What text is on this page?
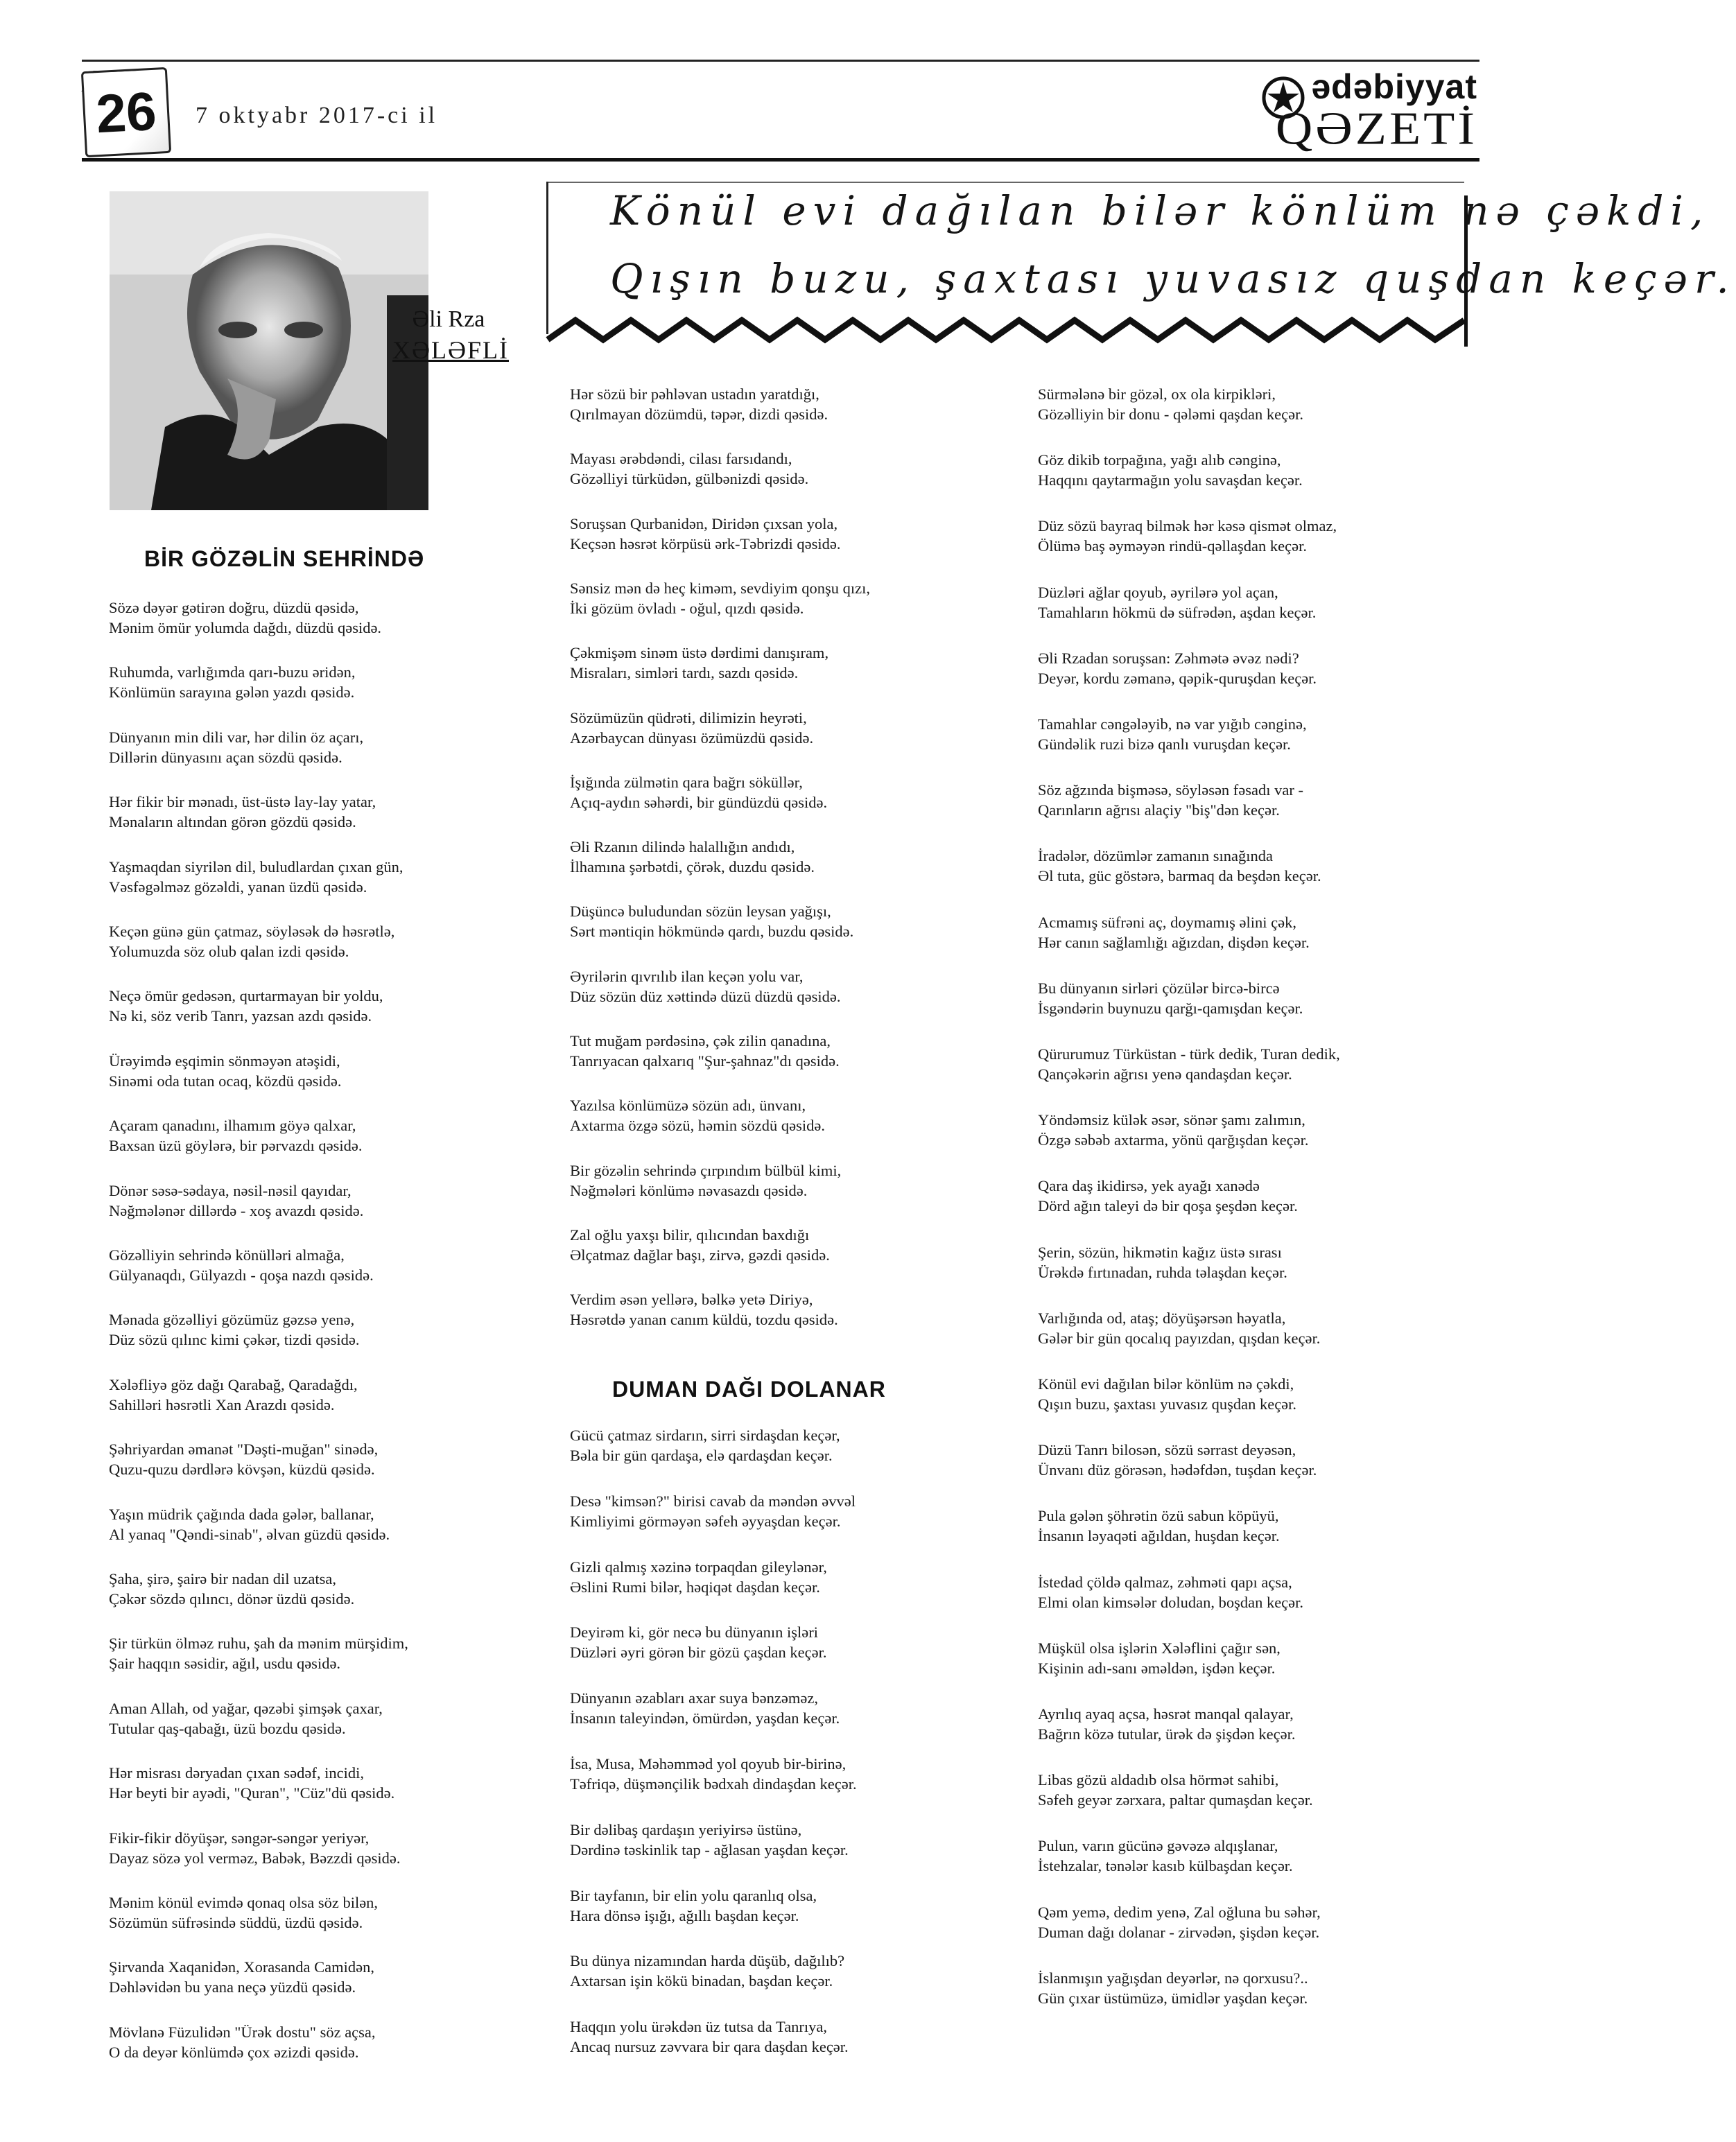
26	7 oktyabr 2017-ci il
ədəbiyyat
QƏZETİ
Əli Rza
XƏLƏFLİ
Könül evi dağılan bilər könlüm nə çəkdi,
Qışın buzu, şaxtası yuvasız quşdan keçər.
BİR GÖZƏLİN SEHRİNDƏ
Sözə dəyər gətirən doğru, düzdü qəsidə,
Mənim ömür yolumda dağdı, düzdü qəsidə.
Ruhumda, varlığımda qarı-buzu əridən,
Könlümün sarayına gələn yazdı qəsidə.
Dünyanın min dili var, hər dilin öz açarı,
Dillərin dünyasını açan sözdü qəsidə.
Hər fikir bir mənadı, üst-üstə lay-lay yatar,
Mənaların altından görən gözdü qəsidə.
Yaşmaqdan siyrilən dil, buludlardan çıxan gün,
Vəsfəgəlməz gözəldi, yanan üzdü qəsidə.
Keçən günə gün çatmaz, söyləsək də həsrətlə,
Yolumuzda söz olub qalan izdi qəsidə.
Neçə ömür gedəsən, qurtarmayan bir yoldu,
Nə ki, söz verib Tanrı, yazsan azdı qəsidə.
Ürəyimdə eşqimin sönməyən atəşidi,
Sinəmi oda tutan ocaq, közdü qəsidə.
Açaram qanadını, ilhamım göyə qalxar,
Baxsan üzü göylərə, bir pərvazdı qəsidə.
Dönər səsə-sədaya, nəsil-nəsil qayıdar,
Nəğmələnər dillərdə - xoş avazdı qəsidə.
Gözəlliyin sehrində könülləri almağa,
Gülyanaqdı, Gülyazdı - qoşa nazdı qəsidə.
Mənada gözəlliyi gözümüz gəzsə yenə,
Düz sözü qılınc kimi çəkər, tizdi qəsidə.
Xələfliyə göz dağı Qarabağ, Qaradağdı,
Sahilləri həsrətli Xan Arazdı qəsidə.
Şəhriyardan əmanət "Dəşti-muğan" sinədə,
Quzu-quzu dərdlərə kövşən, küzdü qəsidə.
Yaşın müdrik çağında dada gələr, ballanar,
Al yanaq "Qəndi-sinab", əlvan güzdü qəsidə.
Şaha, şirə, şairə bir nadan dil uzatsa,
Çəkər sözdə qılıncı, dönər üzdü qəsidə.
Şir türkün ölməz ruhu, şah da mənim mürşidim,
Şair haqqın səsidir, ağıl, usdu qəsidə.
Aman Allah, od yağar, qəzəbi şimşək çaxar,
Tutular qaş-qabağı, üzü bozdu qəsidə.
Hər misrası dəryadan çıxan sədəf, incidi,
Hər beyti bir ayədi, "Quran", "Cüz"dü qəsidə.
Fikir-fikir döyüşər, səngər-səngər yeriyər,
Dayaz sözə yol verməz, Babək, Bəzzdi qəsidə.
Mənim könül evimdə qonaq olsa söz bilən,
Sözümün süfrəsində süddü, üzdü qəsidə.
Şirvanda Xaqanidən, Xorasanda Camidən,
Dəhləvidən bu yana neçə yüzdü qəsidə.
Mövlanə Füzulidən "Ürək dostu" söz açsa,
O da deyər könlümdə çox əzizdi qəsidə.
Hər sözü bir pəhləvan ustadın yaratdığı,
Qırılmayan dözümdü, təpər, dizdi qəsidə.
Mayası ərəbdəndi, cilası farsıdandı,
Gözəlliyi türküdən, gülbənizdi qəsidə.
Soruşsan Qurbanidən, Diridən çıxsan yola,
Keçsən həsrət körpüsü ərk-Təbrizdi qəsidə.
Sənsiz mən də heç kiməm, sevdiyim qonşu qızı,
İki gözüm övladı - oğul, qızdı qəsidə.
Çəkmişəm sinəm üstə dərdimi danışıram,
Misraları, simləri tardı, sazdı qəsidə.
Sözümüzün qüdrəti, dilimizin heyrəti,
Azərbaycan dünyası özümüzdü qəsidə.
İşığında zülmətin qara bağrı söküllər,
Açıq-aydın səhərdi, bir gündüzdü qəsidə.
Əli Rzanın dilində halallığın andıdı,
İlhamına şərbətdi, çörək, duzdu qəsidə.
Düşüncə buludundan sözün leysan yağışı,
Sərt məntiqin hökmündə qardı, buzdu qəsidə.
Əyrilərin qıvrılıb ilan keçən yolu var,
Düz sözün düz xəttində düzü düzdü qəsidə.
Tut muğam pərdəsinə, çək zilin qanadına,
Tanrıyacan qalxarıq "Şur-şahnaz"dı qəsidə.
Yazılsa könlümüzə sözün adı, ünvanı,
Axtarma özgə sözü, həmin sözdü qəsidə.
Bir gözəlin sehrində çırpındım bülbül kimi,
Nəğmələri könlümə nəvasazdı qəsidə.
Zal oğlu yaxşı bilir, qılıcından baxdığı
Əlçatmaz dağlar başı, zirvə, gəzdi qəsidə.
Verdim əsən yellərə, bəlkə yetə Diriyə,
Həsrətdə yanan canım küldü, tozdu qəsidə.
DUMAN DAĞI DOLANAR
Gücü çatmaz sirdarın, sirri sirdaşdan keçər,
Bəla bir gün qardaşa, elə qardaşdan keçər.
Desə "kimsən?" birisi cavab da məndən əvvəl
Kimliyimi görməyən səfeh əyyaşdan keçər.
Gizli qalmış xəzinə torpaqdan gileylənər,
Əslini Rumi bilər, həqiqət daşdan keçər.
Deyirəm ki, gör necə bu dünyanın işləri
Düzləri əyri görən bir gözü çaşdan keçər.
Dünyanın əzabları axar suya bənzəməz,
İnsanın taleyindən, ömürdən, yaşdan keçər.
İsa, Musa, Məhəmməd yol qoyub bir-birinə,
Təfriqə, düşmənçilik bədxah dindaşdan keçər.
Bir dəlibaş qardaşın yeriyirsə üstünə,
Dərdinə təskinlik tap - ağlasan yaşdan keçər.
Bir tayfanın, bir elin yolu qaranlıq olsa,
Hara dönsə işığı, ağıllı başdan keçər.
Bu dünya nizamından harda düşüb, dağılıb?
Axtarsan işin kökü binadan, başdan keçər.
Haqqın yolu ürəkdən üz tutsa da Tanrıya,
Ancaq nursuz zəvvara bir qara daşdan keçər.
Sürmələnə bir gözəl, ox ola kirpikləri,
Gözəlliyin bir donu - qələmi qaşdan keçər.
Göz dikib torpağına, yağı alıb cənginə,
Haqqını qaytarmağın yolu savaşdan keçər.
Düz sözü bayraq bilmək hər kəsə qismət olmaz,
Ölümə baş əyməyən rindü-qəllaşdan keçər.
Düzləri ağlar qoyub, əyrilərə yol açan,
Tamahların hökmü də süfrədən, aşdan keçər.
Əli Rzadan soruşsan: Zəhmətə əvəz nədi?
Deyər, kordu zəmanə, qəpik-quruşdan keçər.
Tamahlar cəngələyib, nə var yığıb cənginə,
Gündəlik ruzi bizə qanlı vuruşdan keçər.
Söz ağzında bişməsə, söyləsən fəsadı var -
Qarınların ağrısı alaçiy "biş"dən keçər.
İradələr, dözümlər zamanın sınağında
Əl tuta, güc göstərə, barmaq da beşdən keçər.
Acmamış süfrəni aç, doymamış əlini çək,
Hər canın sağlamlığı ağızdan, dişdən keçər.
Bu dünyanın sirləri çözülər bircə-bircə
İsgəndərin buynuzu qarğı-qamışdan keçər.
Qürurumuz Türküstan - türk dedik, Turan dedik,
Qançəkərin ağrısı yenə qandaşdan keçər.
Yöndəmsiz külək əsər, sönər şamı zalımın,
Özgə səbəb axtarma, yönü qarğışdan keçər.
Qara daş ikidirsə, yek ayağı xanədə
Dörd ağın taleyi də bir qoşa şeşdən keçər.
Şerin, sözün, hikmətin kağız üstə sırası
Ürəkdə fırtınadan, ruhda təlaşdan keçər.
Varlığında od, ataş; döyüşərsən həyatla,
Gələr bir gün qocalıq payızdan, qışdan keçər.
Könül evi dağılan bilər könlüm nə çəkdi,
Qışın buzu, şaxtası yuvasız quşdan keçər.
Düzü Tanrı bilosən, sözü sərrast deyəsən,
Ünvanı düz görəsən, hədəfdən, tuşdan keçər.
Pula gələn şöhrətin özü sabun köpüyü,
İnsanın ləyaqəti ağıldan, huşdan keçər.
İstedad çöldə qalmaz, zəhməti qapı açsa,
Elmi olan kimsələr doludan, boşdan keçər.
Müşkül olsa işlərin Xələflini çağır sən,
Kişinin adı-sanı əməldən, işdən keçər.
Ayrılıq ayaq açsa, həsrət manqal qalayar,
Bağrın közə tutular, ürək də şişdən keçər.
Libas gözü aldadıb olsa hörmət sahibi,
Səfeh geyər zərxara, paltar qumaşdan keçər.
Pulun, varın gücünə gəvəzə alqışlanar,
İstehzalar, tənələr kasıb külbaşdan keçər.
Qəm yemə, dedim yenə, Zal oğluna bu səhər,
Duman dağı dolanar - zirvədən, şişdən keçər.
İslanmışın yağışdan deyərlər, nə qorxusu?..
Gün çıxar üstümüzə, ümidlər yaşdan keçər.
